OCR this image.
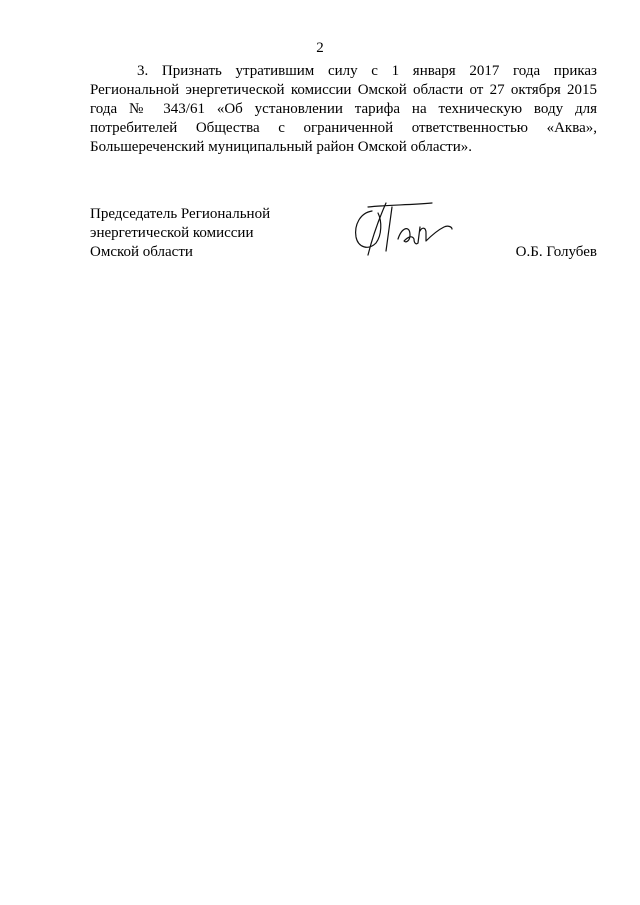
2

3. Признать утратившим силу с 1 января 2017 года приказ Региональной энергетической комиссии Омской области от 27 октября 2015 года № 343/61 «Об установлении тарифа на техническую воду для потребителей Общества с ограниченной ответственностью «Аква», Большереченский муниципальный район Омской области».

Председатель Региональной
энергетической комиссии
Омской области	О.Б. Голубев
